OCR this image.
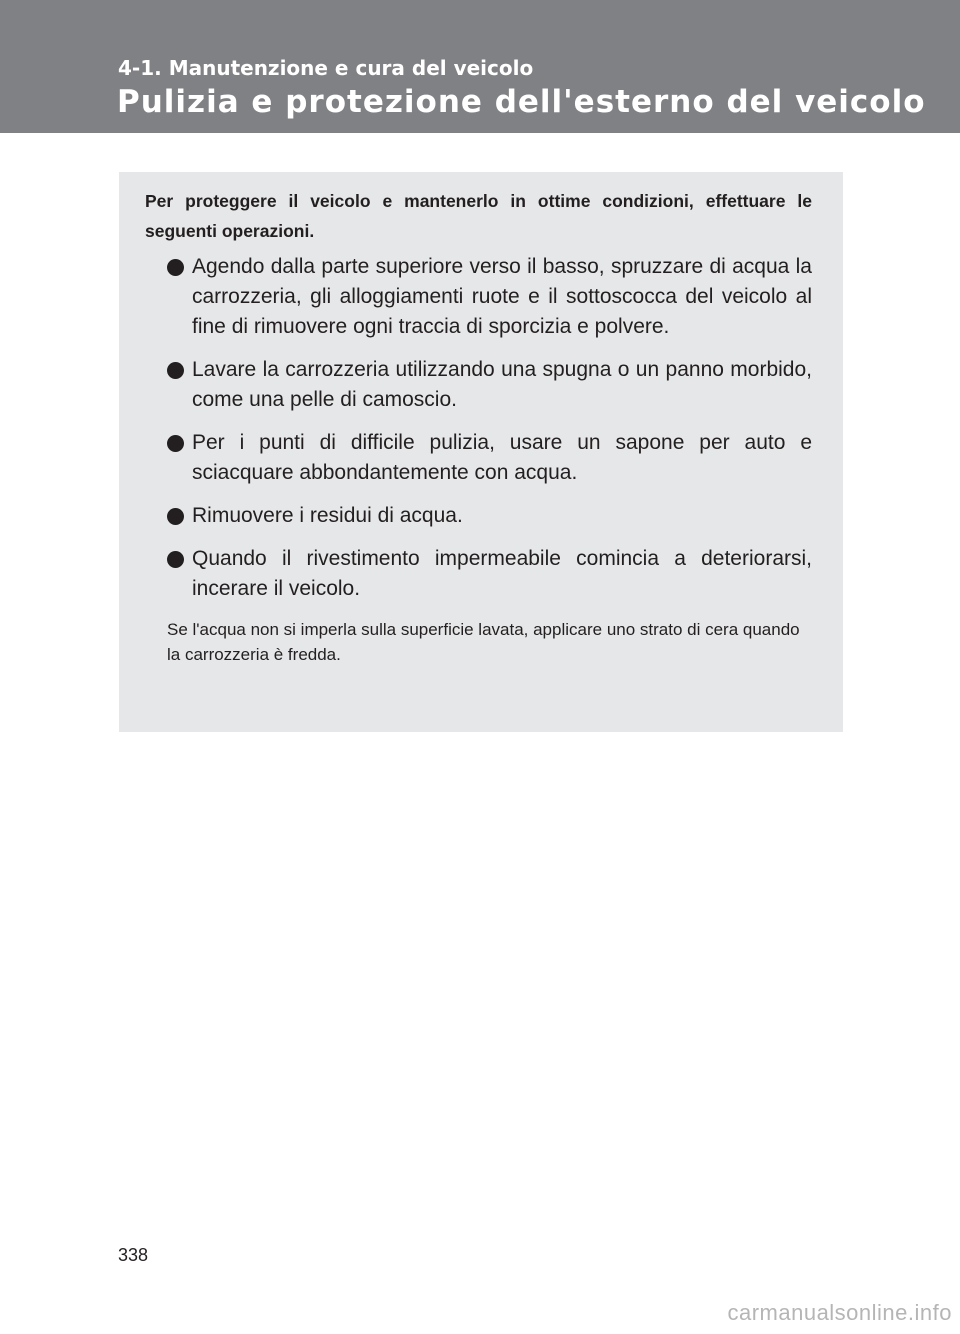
4-1. Manutenzione e cura del veicolo
Pulizia e protezione dell'esterno del veicolo

Per proteggere il veicolo e mantenerlo in ottime condizioni, effettuare le seguenti operazioni.

Agendo dalla parte superiore verso il basso, spruzzare di acqua la carrozzeria, gli alloggiamenti ruote e il sottoscocca del veicolo al fine di rimuovere ogni traccia di sporcizia e polvere.
Lavare la carrozzeria utilizzando una spugna o un panno morbido, come una pelle di camoscio.
Per i punti di difficile pulizia, usare un sapone per auto e sciacquare abbondantemente con acqua.
Rimuovere i residui di acqua.
Quando il rivestimento impermeabile comincia a deteriorarsi, incerare il veicolo.

Se l'acqua non si imperla sulla superficie lavata, applicare uno strato di cera quando la carrozzeria è fredda.

338
carmanualsonline.info
